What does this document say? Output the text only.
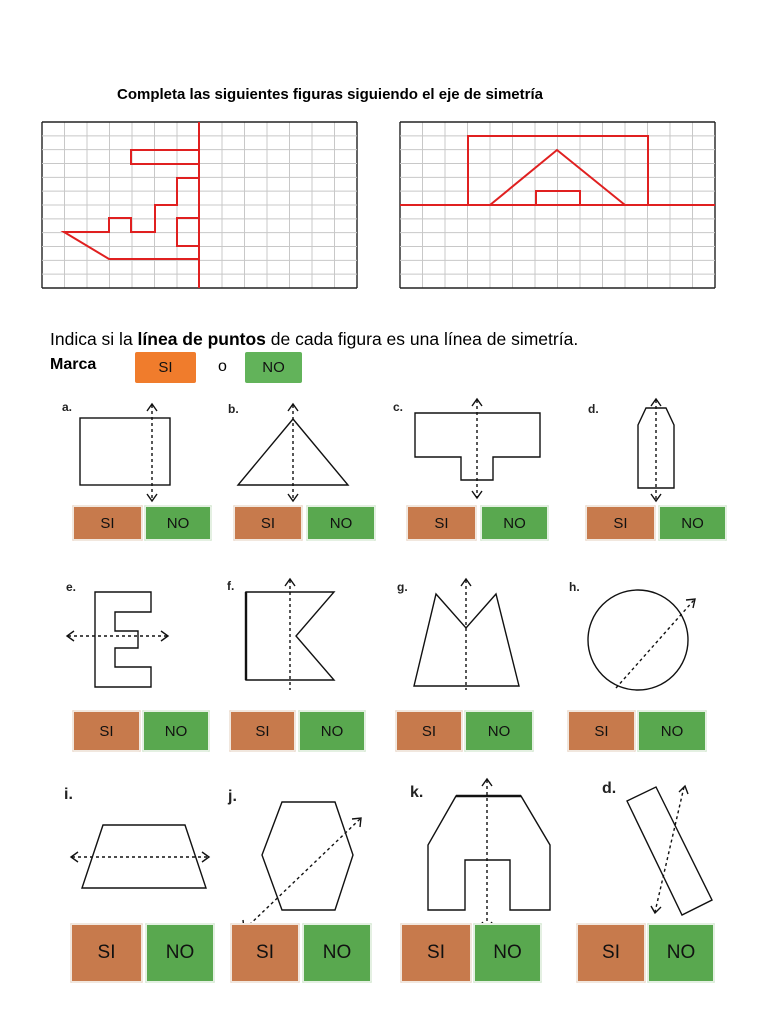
Completa las siguientes figuras siguiendo el eje de simetría
Indica si la línea de puntos de cada figura es una línea de simetría.
Marca	SI	o	NO
a.	b.	c.	d.
e.	f.	g.	h.
i.	j.	k.	d.
SI	NO	SI	NO	SI	NO	SI	NO
SI	NO	SI	NO	SI	NO	SI	NO
SI	NO	SI	NO	SI	NO	SI	NO
